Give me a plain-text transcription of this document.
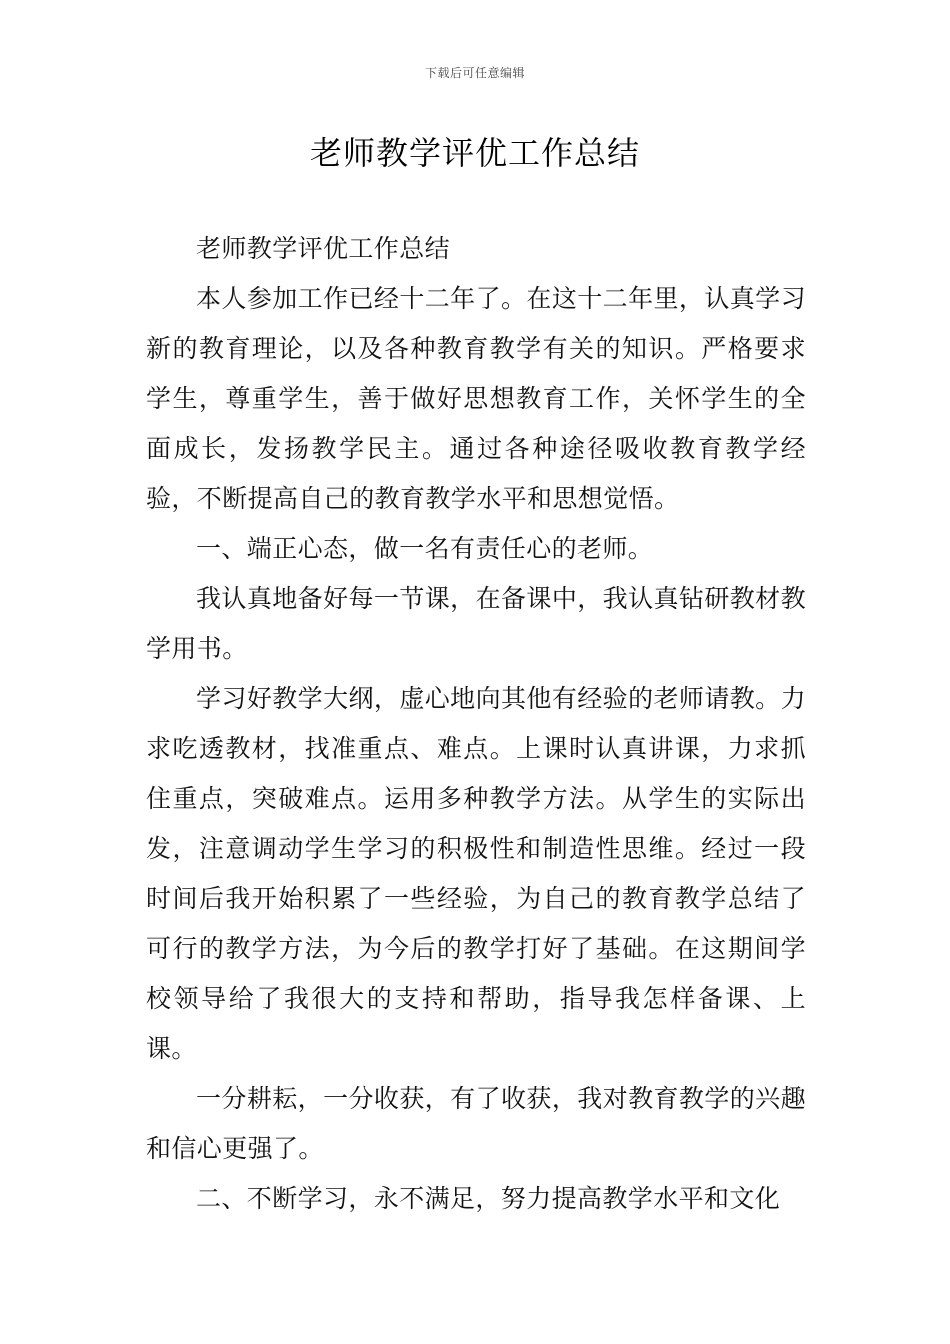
下载后可任意编辑
老师教学评优工作总结

老师教学评优工作总结

本人参加工作已经十二年了。在这十二年里，认真学习新的教育理论，以及各种教育教学有关的知识。严格要求学生，尊重学生，善于做好思想教育工作，关怀学生的全面成长，发扬教学民主。通过各种途径吸收教育教学经验，不断提高自己的教育教学水平和思想觉悟。

一、端正心态，做一名有责任心的老师。

我认真地备好每一节课，在备课中，我认真钻研教材教学用书。

学习好教学大纲，虚心地向其他有经验的老师请教。力求吃透教材，找准重点、难点。上课时认真讲课，力求抓住重点，突破难点。运用多种教学方法。从学生的实际出发，注意调动学生学习的积极性和制造性思维。经过一段时间后我开始积累了一些经验，为自己的教育教学总结了可行的教学方法，为今后的教学打好了基础。在这期间学校领导给了我很大的支持和帮助，指导我怎样备课、上课。

一分耕耘，一分收获，有了收获，我对教育教学的兴趣和信心更强了。

二、不断学习，永不满足，努力提高教学水平和文化
